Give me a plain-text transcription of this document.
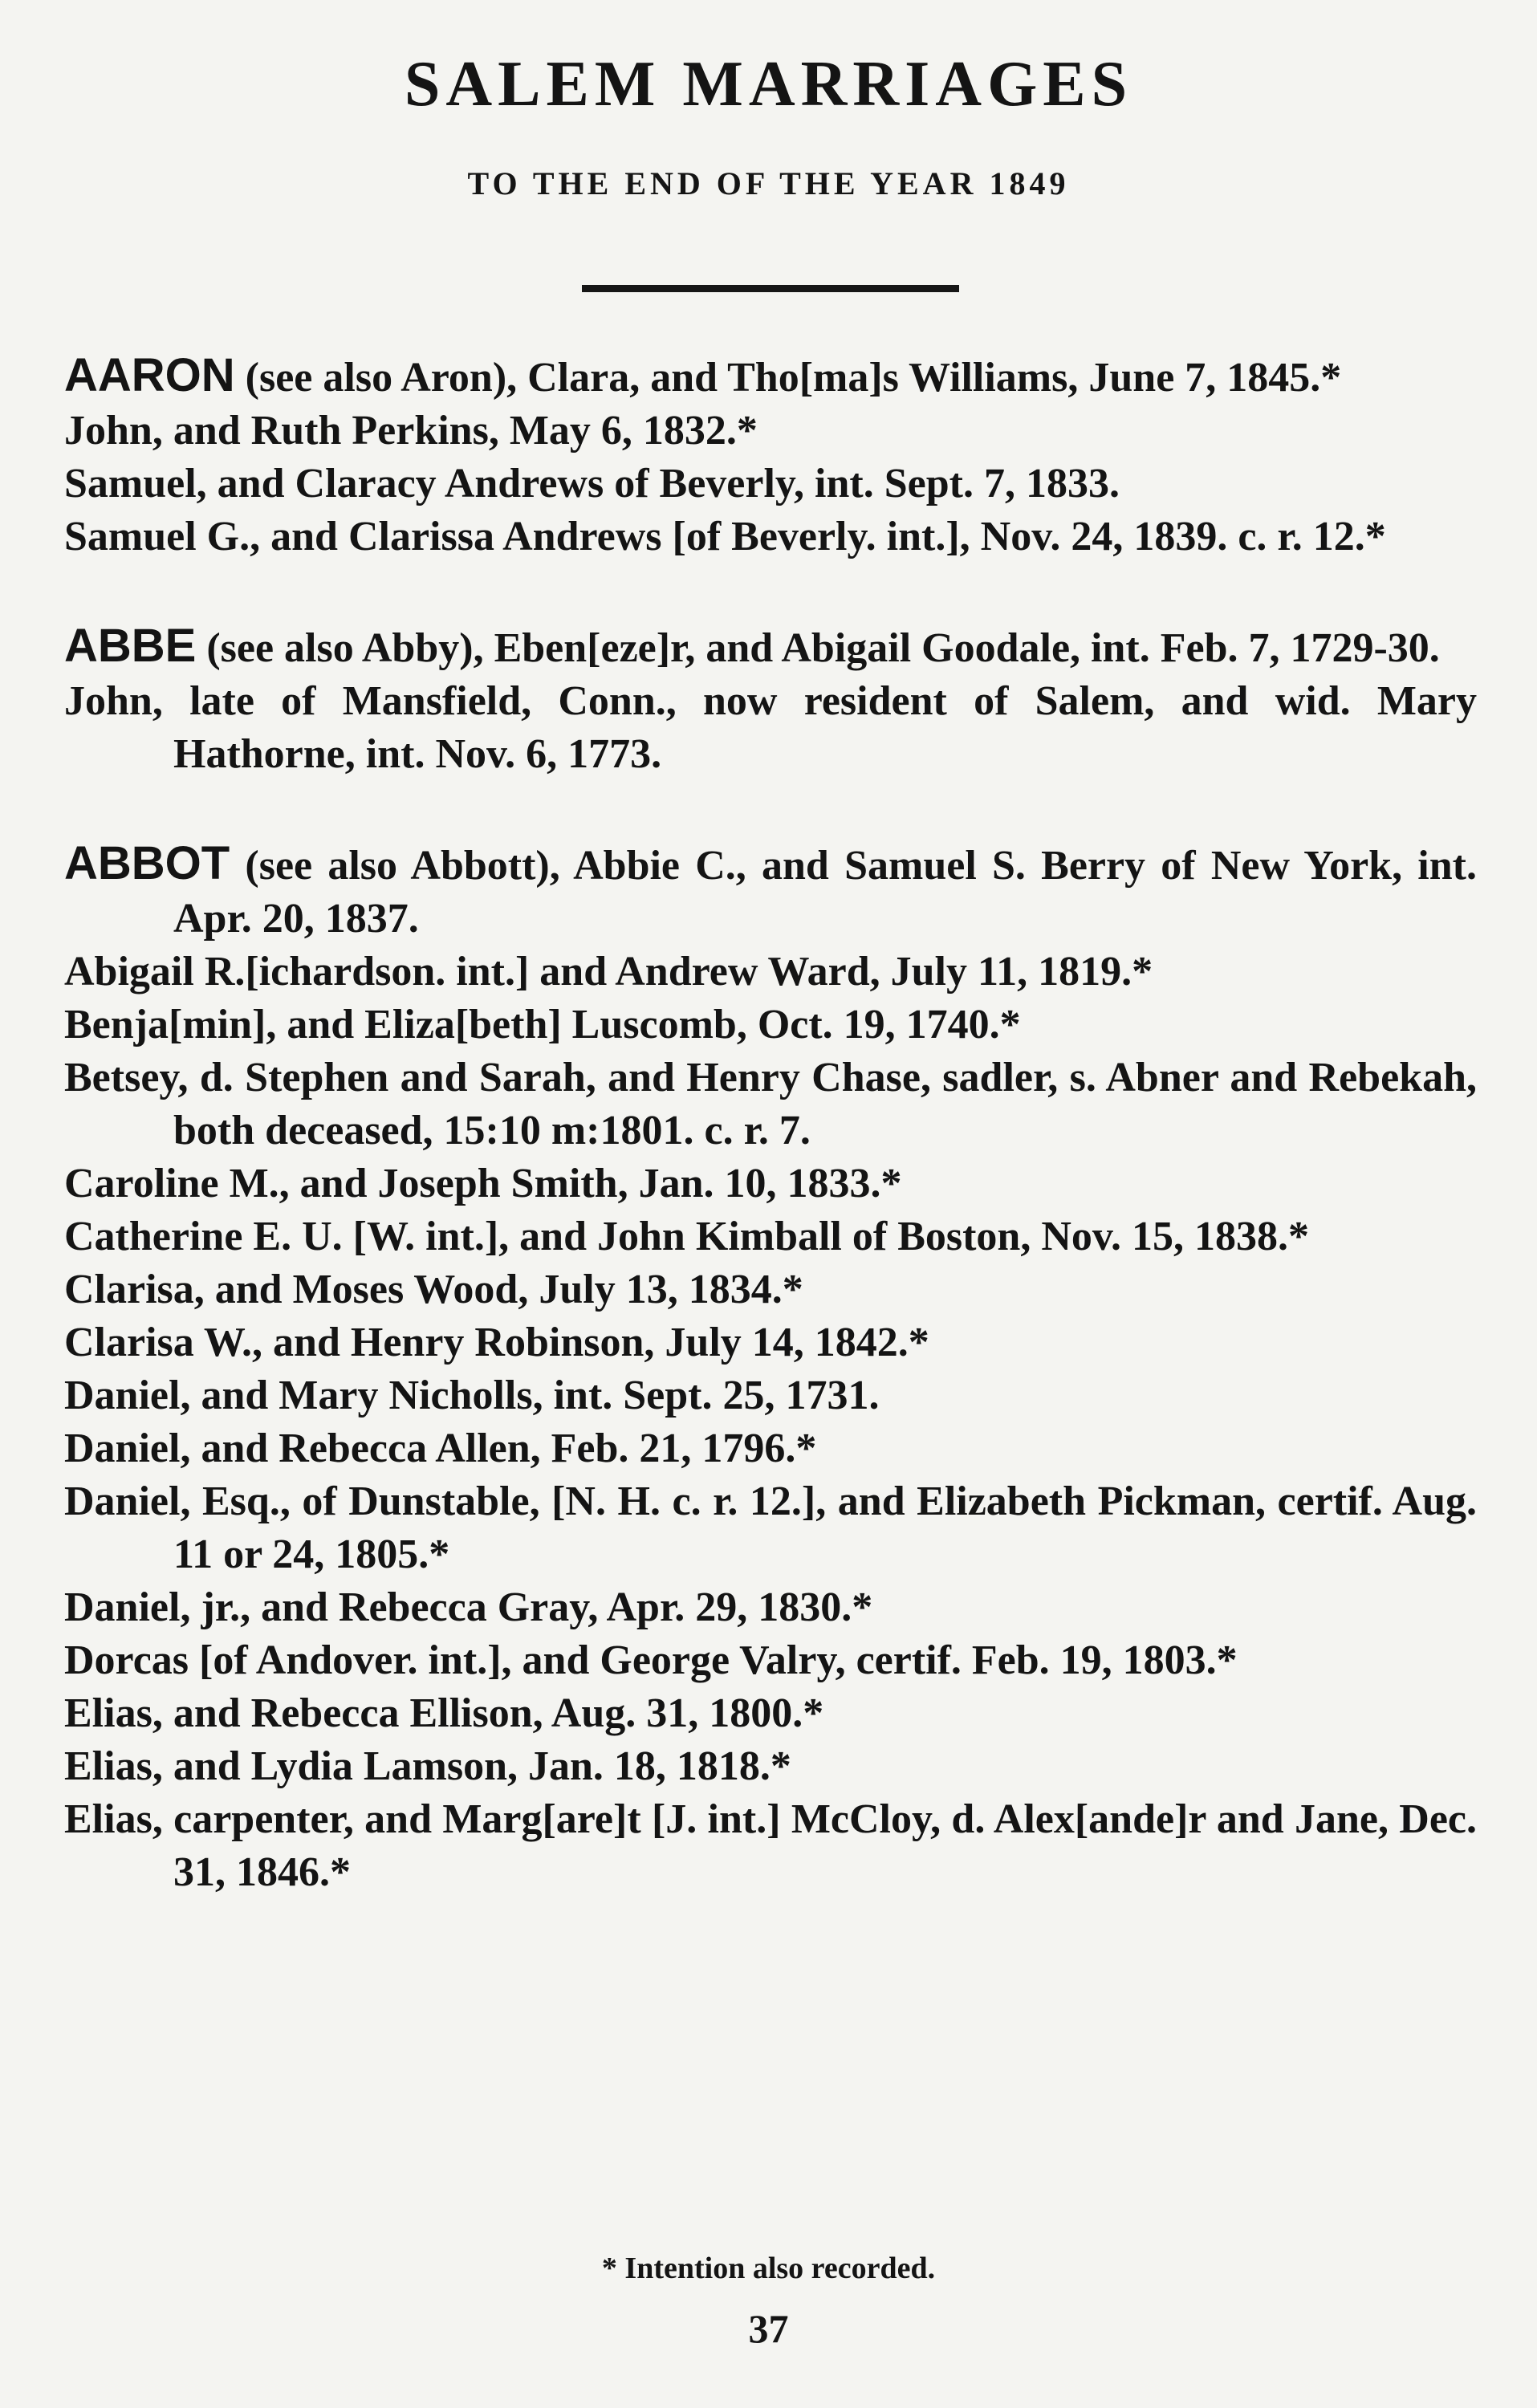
SALEM MARRIAGES
TO THE END OF THE YEAR 1849
AARON (see also Aron), Clara, and Tho[ma]s Williams, June 7, 1845.*
John, and Ruth Perkins, May 6, 1832.*
Samuel, and Claracy Andrews of Beverly, int. Sept. 7, 1833.
Samuel G., and Clarissa Andrews [of Beverly. int.], Nov. 24, 1839. c. r. 12.*
ABBE (see also Abby), Eben[eze]r, and Abigail Goodale, int. Feb. 7, 1729-30.
John, late of Mansfield, Conn., now resident of Salem, and wid. Mary Hathorne, int. Nov. 6, 1773.
ABBOT (see also Abbott), Abbie C., and Samuel S. Berry of New York, int. Apr. 20, 1837.
Abigail R.[ichardson. int.] and Andrew Ward, July 11, 1819.*
Benja[min], and Eliza[beth] Luscomb, Oct. 19, 1740.*
Betsey, d. Stephen and Sarah, and Henry Chase, sadler, s. Abner and Rebekah, both deceased, 15:10 m:1801. c. r. 7.
Caroline M., and Joseph Smith, Jan. 10, 1833.*
Catherine E. U. [W. int.], and John Kimball of Boston, Nov. 15, 1838.*
Clarisa, and Moses Wood, July 13, 1834.*
Clarisa W., and Henry Robinson, July 14, 1842.*
Daniel, and Mary Nicholls, int. Sept. 25, 1731.
Daniel, and Rebecca Allen, Feb. 21, 1796.*
Daniel, Esq., of Dunstable, [N. H. c. r. 12.], and Elizabeth Pickman, certif. Aug. 11 or 24, 1805.*
Daniel, jr., and Rebecca Gray, Apr. 29, 1830.*
Dorcas [of Andover. int.], and George Valry, certif. Feb. 19, 1803.*
Elias, and Rebecca Ellison, Aug. 31, 1800.*
Elias, and Lydia Lamson, Jan. 18, 1818.*
Elias, carpenter, and Marg[are]t [J. int.] McCloy, d. Alex[ande]r and Jane, Dec. 31, 1846.*
* Intention also recorded.
37
